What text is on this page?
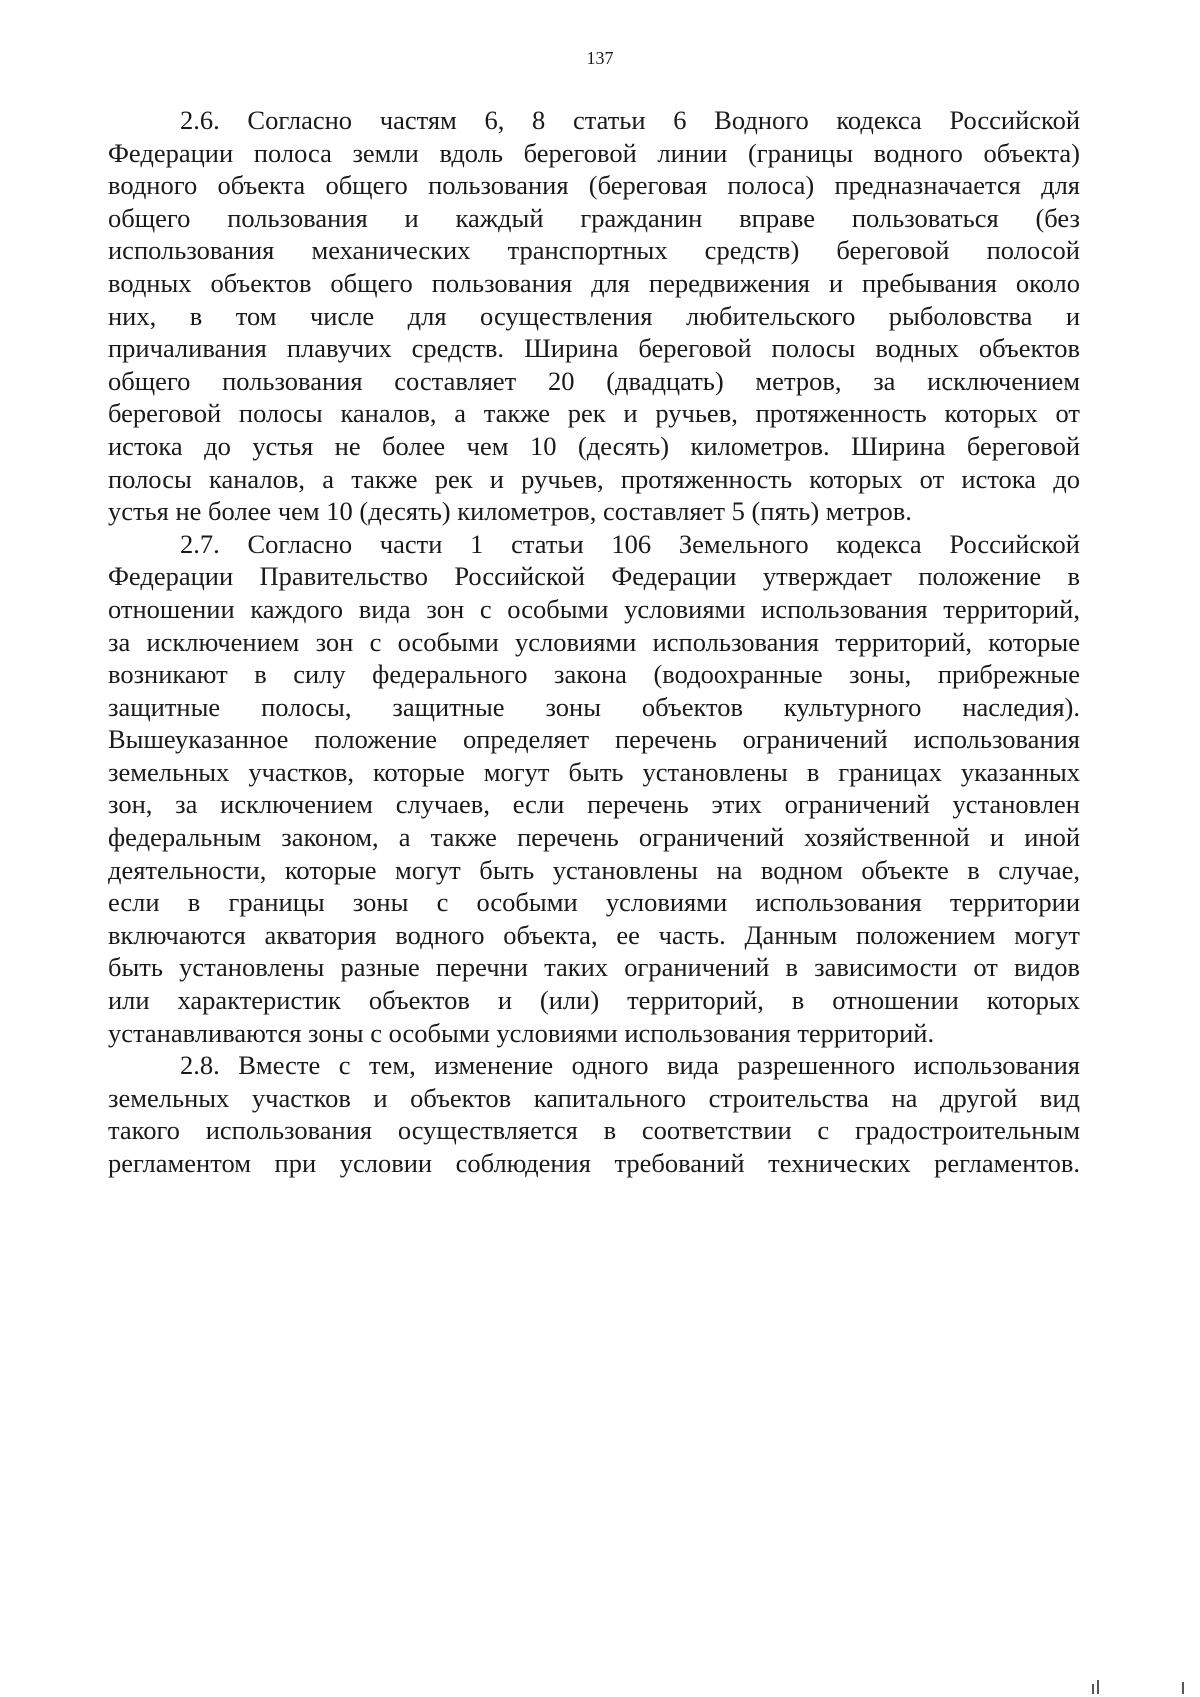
137
2.6. Согласно частям 6, 8 статьи 6 Водного кодекса Российской
Федерации полоса земли вдоль береговой линии (границы водного объекта)
водного объекта общего пользования (береговая полоса) предназначается для
общего пользования и каждый гражданин вправе пользоваться (без
использования механических транспортных средств) береговой полосой
водных объектов общего пользования для передвижения и пребывания около
них, в том числе для осуществления любительского рыболовства и
причаливания плавучих средств. Ширина береговой полосы водных объектов
общего пользования составляет 20 (двадцать) метров, за исключением
береговой полосы каналов, а также рек и ручьев, протяженность которых от
истока до устья не более чем 10 (десять) километров. Ширина береговой
полосы каналов, а также рек и ручьев, протяженность которых от истока до
устья не более чем 10 (десять) километров, составляет 5 (пять) метров.
2.7. Согласно части 1 статьи 106 Земельного кодекса Российской
Федерации Правительство Российской Федерации утверждает положение в
отношении каждого вида зон с особыми условиями использования территорий,
за исключением зон с особыми условиями использования территорий, которые
возникают в силу федерального закона (водоохранные зоны, прибрежные
защитные полосы, защитные зоны объектов культурного наследия).
Вышеуказанное положение определяет перечень ограничений использования
земельных участков, которые могут быть установлены в границах указанных
зон, за исключением случаев, если перечень этих ограничений установлен
федеральным законом, а также перечень ограничений хозяйственной и иной
деятельности, которые могут быть установлены на водном объекте в случае,
если в границы зоны с особыми условиями использования территории
включаются акватория водного объекта, ее часть. Данным положением могут
быть установлены разные перечни таких ограничений в зависимости от видов
или характеристик объектов и (или) территорий, в отношении которых
устанавливаются зоны с особыми условиями использования территорий.
2.8. Вместе с тем, изменение одного вида разрешенного использования
земельных участков и объектов капитального строительства на другой вид
такого использования осуществляется в соответствии с градостроительным
регламентом при условии соблюдения требований технических регламентов.
